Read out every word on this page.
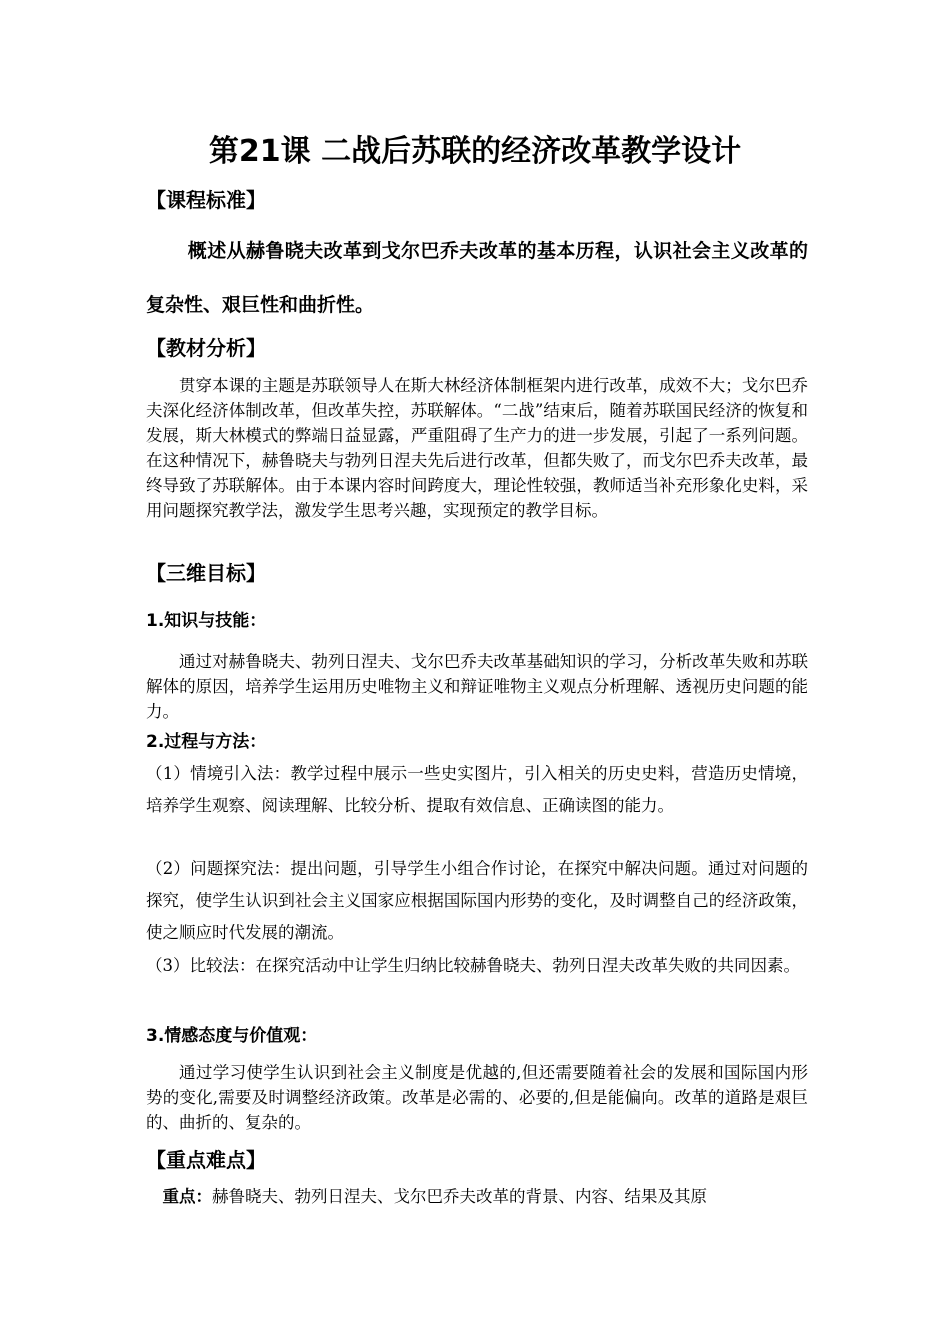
第21课 二战后苏联的经济改革教学设计
【课程标准】
概述从赫鲁晓夫改革到戈尔巴乔夫改革的基本历程，认识社会主义改革的复杂性、艰巨性和曲折性。
【教材分析】
贯穿本课的主题是苏联领导人在斯大林经济体制框架内进行改革，成效不大；戈尔巴乔夫深化经济体制改革，但改革失控，苏联解体。“二战”结束后，随着苏联国民经济的恢复和发展，斯大林模式的弊端日益显露，严重阻碍了生产力的进一步发展，引起了一系列问题。在这种情况下，赫鲁晓夫与勃列日涅夫先后进行改革，但都失败了，而戈尔巴乔夫改革，最终导致了苏联解体。由于本课内容时间跨度大，理论性较强，教师适当补充形象化史料，采用问题探究教学法，激发学生思考兴趣，实现预定的教学目标。
【三维目标】
1.知识与技能：
通过对赫鲁晓夫、勃列日涅夫、戈尔巴乔夫改革基础知识的学习，分析改革失败和苏联解体的原因，培养学生运用历史唯物主义和辩证唯物主义观点分析理解、透视历史问题的能力。
2.过程与方法：
（1）情境引入法：教学过程中展示一些史实图片，引入相关的历史史料，营造历史情境，培养学生观察、阅读理解、比较分析、提取有效信息、正确读图的能力。
（2）问题探究法：提出问题，引导学生小组合作讨论，在探究中解决问题。通过对问题的探究，使学生认识到社会主义国家应根据国际国内形势的变化，及时调整自己的经济政策，使之顺应时代发展的潮流。
（3）比较法：在探究活动中让学生归纳比较赫鲁晓夫、勃列日涅夫改革失败的共同因素。
3.情感态度与价值观：
通过学习使学生认识到社会主义制度是优越的,但还需要随着社会的发展和国际国内形势的变化,需要及时调整经济政策。改革是必需的、必要的,但是能偏向。改革的道路是艰巨的、曲折的、复杂的。
【重点难点】
重点：赫鲁晓夫、勃列日涅夫、戈尔巴乔夫改革的背景、内容、结果及其原
